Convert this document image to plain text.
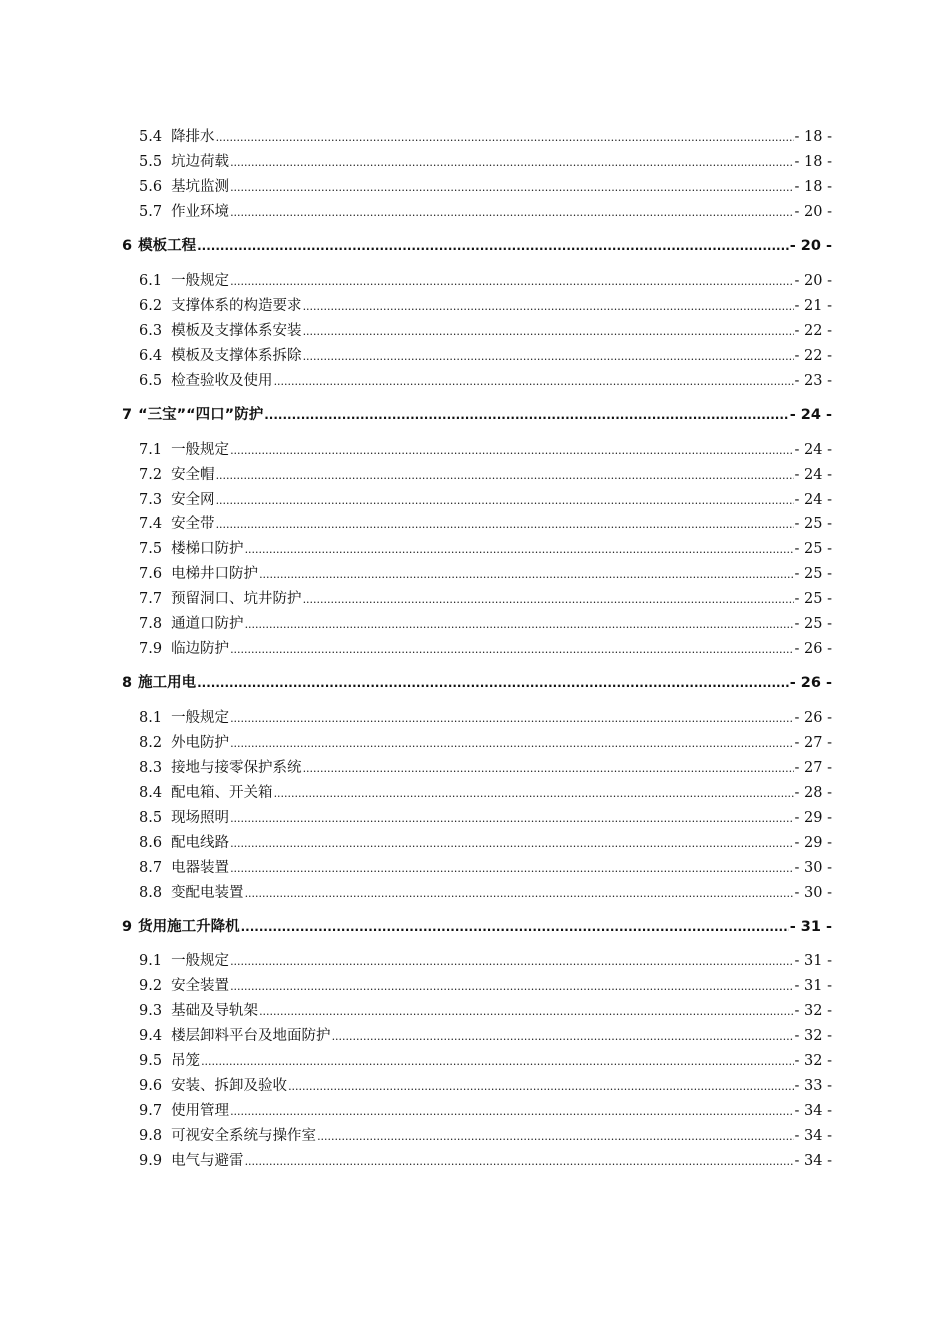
5.4 降排水 .....	- 18 -
5.5 坑边荷载 .....	- 18 -
5.6 基坑监测 .....	- 18 -
5.7 作业环境 .....	- 20 -
6 模板工程 .....	- 20 -
6.1 一般规定 .....	- 20 -
6.2 支撑体系的构造要求 .....	- 21 -
6.3 模板及支撑体系安装 .....	- 22 -
6.4 模板及支撑体系拆除 .....	- 22 -
6.5 检查验收及使用 .....	- 23 -
7 “三宝”“四口”防护 .....	- 24 -
7.1 一般规定 .....	- 24 -
7.2 安全帽 .....	- 24 -
7.3 安全网 .....	- 24 -
7.4 安全带 .....	- 25 -
7.5 楼梯口防护 .....	- 25 -
7.6 电梯井口防护 .....	- 25 -
7.7 预留洞口、坑井防护 .....	- 25 -
7.8 通道口防护 .....	- 25 -
7.9 临边防护 .....	- 26 -
8 施工用电 .....	- 26 -
8.1 一般规定 .....	- 26 -
8.2 外电防护 .....	- 27 -
8.3 接地与接零保护系统 .....	- 27 -
8.4 配电箱、开关箱 .....	- 28 -
8.5 现场照明 .....	- 29 -
8.6 配电线路 .....	- 29 -
8.7 电器装置 .....	- 30 -
8.8 变配电装置 .....	- 30 -
9 货用施工升降机 .....	- 31 -
9.1 一般规定 .....	- 31 -
9.2 安全装置 .....	- 31 -
9.3 基础及导轨架 .....	- 32 -
9.4 楼层卸料平台及地面防护 .....	- 32 -
9.5 吊笼 .....	- 32 -
9.6 安装、拆卸及验收 .....	- 33 -
9.7 使用管理 .....	- 34 -
9.8 可视安全系统与操作室 .....	- 34 -
9.9 电气与避雷 .....	- 34 -
